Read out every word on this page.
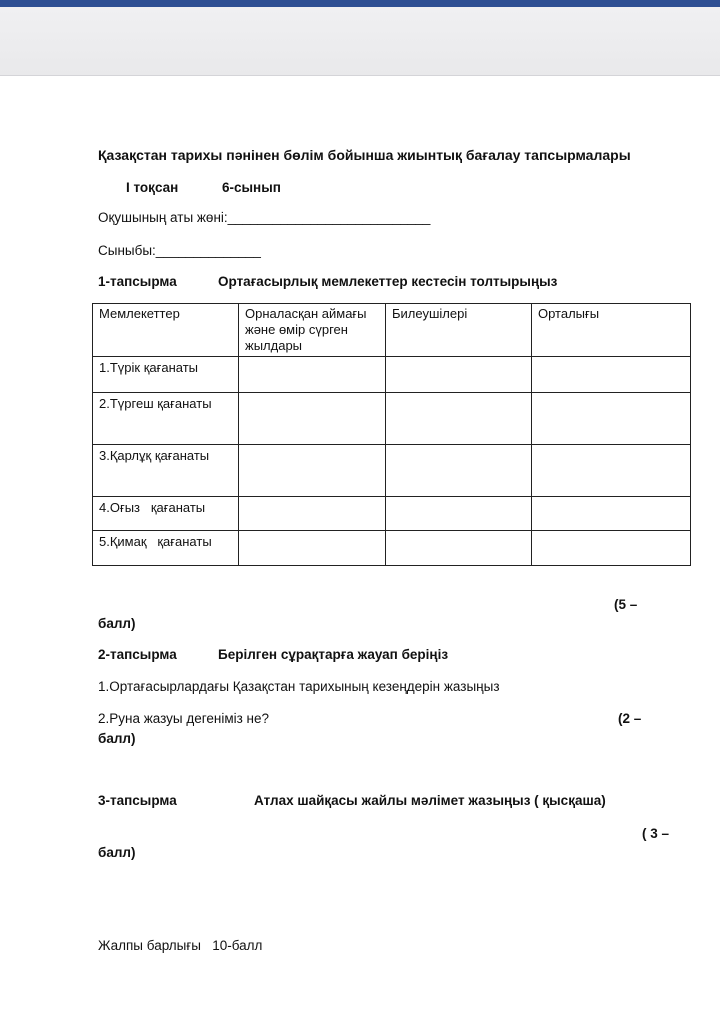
Қазақстан тарихы пәнінен бөлім бойынша жиынтық бағалау тапсырмалары
І тоқсан	6-сынып
Оқушының аты жөні:___________________________
Сыныбы:______________
1-тапсырма	Ортағасырлық мемлекеттер кестесін толтырыңыз
Мемлекеттер	Орналасқан аймағы және өмір сүрген жылдары	Билеушілері	Орталығы
1.Түрік қағанаты			
2.Түргеш қағанаты			
3.Қарлұқ қағанаты			
4.Оғыз   қағанаты			
5.Қимақ   қағанаты			
(5 –
балл)
2-тапсырма	Берілген сұрақтарға жауап беріңіз
1.Ортағасырлардағы Қазақстан тарихының кезеңдерін жазыңыз
2.Руна жазуы дегеніміз не?	(2 –
балл)
3-тапсырма	Атлах шайқасы жайлы мәлімет жазыңыз ( қысқаша)
( 3 –
балл)
Жалпы барлығы   10-балл
